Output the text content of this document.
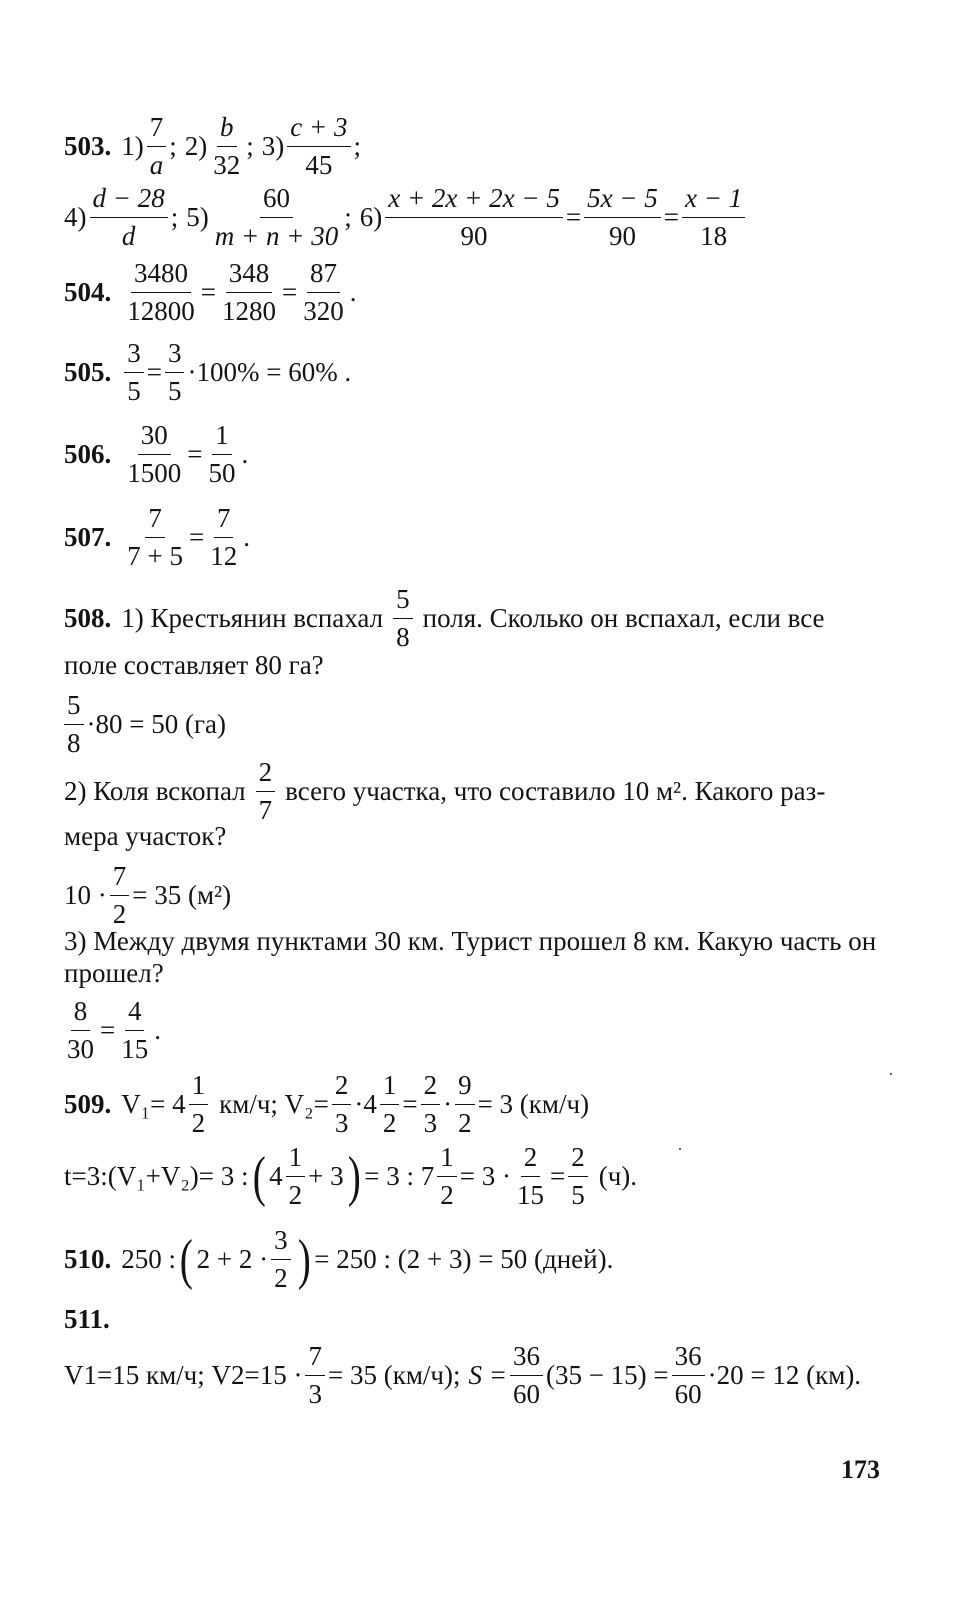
503. $1) \frac{7}{a}$ ; $2) \frac{b}{32}$ ; $3) \frac{c + 3}{45}$ ;
$4) \frac{d - 28}{d}$ ; $5) \frac{60}{m + n + 30}$ ; $6) \frac{x + 2x + 2x - 5}{90} = \frac{5x - 5}{90} = \frac{x - 1}{18}$
504. $\frac{3480}{12800} = \frac{348}{1280} = \frac{87}{320}$ .
505. $\frac{3}{5} = \frac{3}{5} \cdot 100\% = 60\%$ .
506. $\frac{30}{1500} = \frac{1}{50}$ .
507. $\frac{7}{7 + 5} = \frac{7}{12}$ .
508. 1) Крестьянин вспахал $\frac{5}{8}$ поля. Сколько он вспахал, если все
поле составляет 80 га?
$\frac{5}{8} \cdot 80 = 50$ (га)
2) Коля вскопал $\frac{2}{7}$ всего участка, что составило 10 м². Какого раз-
мера участок?
$10 \cdot \frac{7}{2} = 35$ (м²)
3) Между двумя пунктами 30 км. Турист прошел 8 км. Какую часть он прошел?
$\frac{8}{30} = \frac{4}{15}$ .
509. $V_1= 4 \frac{1}{2} км/ч$; $V_2= \frac{2}{3} \cdot 4 \frac{1}{2} = \frac{2}{3} \cdot \frac{9}{2} = 3$ (км/ч)
t=3:(V₁+V₂)= 3 : ( $4 \frac{1}{2} + 3$ ) = 3 : $7 \frac{1}{2} = 3 \cdot \frac{2}{15} = \frac{2}{5} (ч)$.
510. 250 : ( $2 + 2 \cdot \frac{3}{2}$ ) = 250 : (2 + 3) = 50 (дней).
511.
V1=15 км/ч; $V2=15 \cdot \frac{7}{3} = 35$ (км/ч); $S = \frac{36}{60} (35 - 15) = \frac{36}{60} \cdot 20 = 12$ (км).
173
